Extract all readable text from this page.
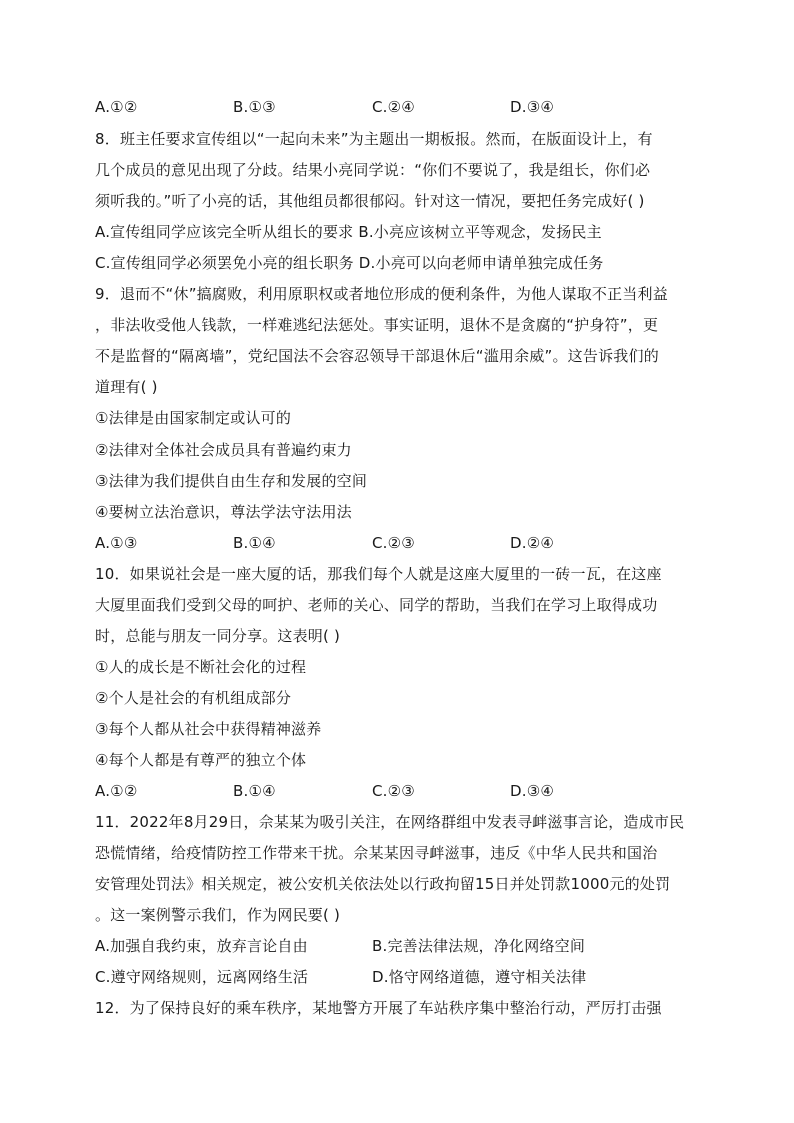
A.①②	B.①③	C.②④	D.③④
8．班主任要求宣传组以“一起向未来”为主题出一期板报。然而，在版面设计上，有
几个成员的意见出现了分歧。结果小亮同学说：“你们不要说了，我是组长，你们必
须听我的。”听了小亮的话，其他组员都很郁闷。针对这一情况，要把任务完成好( )
A.宣传组同学应该完全听从组长的要求 B.小亮应该树立平等观念，发扬民主
C.宣传组同学必须罢免小亮的组长职务 D.小亮可以向老师申请单独完成任务
9．退而不“休”搞腐败，利用原职权或者地位形成的便利条件，为他人谋取不正当利益
，非法收受他人钱款，一样难逃纪法惩处。事实证明，退休不是贪腐的“护身符”，更
不是监督的“隔离墙”，党纪国法不会容忍领导干部退休后“滥用余威”。这告诉我们的
道理有( )
①法律是由国家制定或认可的
②法律对全体社会成员具有普遍约束力
③法律为我们提供自由生存和发展的空间
④要树立法治意识，尊法学法守法用法
A.①③	B.①④	C.②③	D.②④
10．如果说社会是一座大厦的话，那我们每个人就是这座大厦里的一砖一瓦，在这座
大厦里面我们受到父母的呵护、老师的关心、同学的帮助，当我们在学习上取得成功
时，总能与朋友一同分享。这表明( )
①人的成长是不断社会化的过程
②个人是社会的有机组成部分
③每个人都从社会中获得精神滋养
④每个人都是有尊严的独立个体
A.①②	B.①④	C.②③	D.③④
11．2022年8月29日，佘某某为吸引关注，在网络群组中发表寻衅滋事言论，造成市民
恐慌情绪，给疫情防控工作带来干扰。佘某某因寻衅滋事，违反《中华人民共和国治
安管理处罚法》相关规定，被公安机关依法处以行政拘留15日并处罚款1000元的处罚
。这一案例警示我们，作为网民要( )
A.加强自我约束，放弃言论自由	B.完善法律法规，净化网络空间
C.遵守网络规则，远离网络生活	D.恪守网络道德，遵守相关法律
12．为了保持良好的乘车秩序，某地警方开展了车站秩序集中整治行动，严厉打击强
